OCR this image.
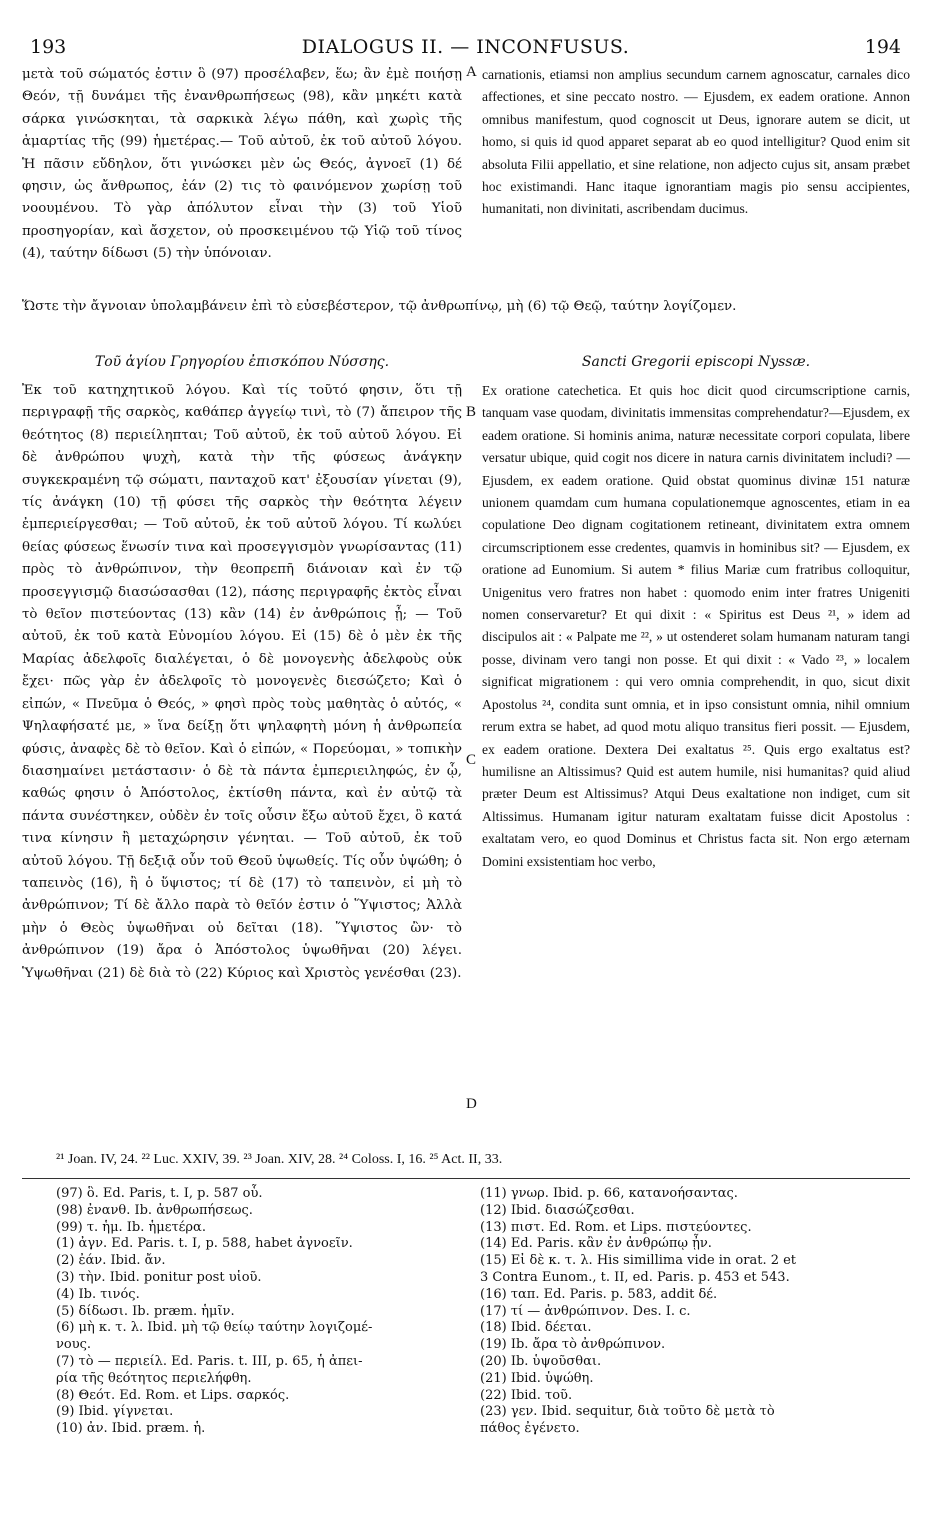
193	DIALOGUS II. — INCONFUSUS.	194

μετὰ τοῦ σώματός ἐστιν ὃ (97) προσέλαβεν, ἕω; ἂν ἐμὲ ποιήσῃ Θεόν, τῇ δυνάμει τῆς ἐνανθρωπήσεως (98), κἂν μηκέτι κατὰ σάρκα γινώσκηται, τὰ σαρκικὰ λέγω πάθη, καὶ χωρὶς τῆς ἁμαρτίας τῆς (99) ἡμετέρας.— Τοῦ αὐτοῦ, ἐκ τοῦ αὐτοῦ λόγου. Ἡ πᾶσιν εὔδηλον, ὅτι γινώσκει μὲν ὡς Θεός, ἀγνοεῖ (1) δέ φησιν, ὡς ἄνθρωπος, ἐάν (2) τις τὸ φαινόμενον χωρίσῃ τοῦ νοουμένου. Τὸ γὰρ ἀπόλυτον εἶναι τὴν (3) τοῦ Υἱοῦ προσηγορίαν, καὶ ἄσχετον, οὐ προσκειμένου τῷ Υἱῷ τοῦ τίνος (4), ταύτην δίδωσι (5) τὴν ὑπόνοιαν.

carnationis, etiamsi non amplius secundum carnem agnoscatur, carnales dico affectiones, et sine peccato nostro. — Ejusdem, ex eadem oratione. Annon omnibus manifestum, quod cognoscit ut Deus, ignorare autem se dicit, ut homo, si quis id quod apparet separat ab eo quod intelligitur? Quod enim sit absoluta Filii appellatio, et sine relatione, non adjecto cujus sit, ansam præbet hoc existimandi. Hanc itaque ignorantiam magis pio sensu accipientes, humanitati, non divinitati, ascribendam ducimus.

Ὥστε τὴν ἄγνοιαν ὑπολαμβάνειν ἐπὶ τὸ εὐσεβέστερον, τῷ ἀνθρωπίνῳ, μὴ (6) τῷ Θεῷ, ταύτην λογίζομεν.

Τοῦ ἁγίου Γρηγορίου ἐπισκόπου Νύσσης.	Sancti Gregorii episcopi Nyssæ.

Ἐκ τοῦ κατηχητικοῦ λόγου. Καὶ τίς τοῦτό φησιν, ὅτι τῇ περιγραφῇ τῆς σαρκὸς, καθάπερ ἀγγείῳ τινὶ, τὸ (7) ἄπειρον τῆς θεότητος (8) περιείληπται; Τοῦ αὐτοῦ, ἐκ τοῦ αὐτοῦ λόγου. Εἰ δὲ ἀνθρώπου ψυχὴ, κατὰ τὴν τῆς φύσεως ἀνάγκην συγκεκραμένη τῷ σώματι, πανταχοῦ κατ' ἐξουσίαν γίνεται (9), τίς ἀνάγκη (10) τῇ φύσει τῆς σαρκὸς τὴν θεότητα λέγειν ἐμπεριείργεσθαι; — Τοῦ αὐτοῦ, ἐκ τοῦ αὐτοῦ λόγου. Τί κωλύει θείας φύσεως ἕνωσίν τινα καὶ προσεγγισμὸν γνωρίσαντας (11) πρὸς τὸ ἀνθρώπινον, τὴν θεοπρεπῆ διάνοιαν καὶ ἐν τῷ προσεγγισμῷ διασώσασθαι (12), πάσης περιγραφῆς ἐκτὸς εἶναι τὸ θεῖον πιστεύοντας (13) κἂν (14) ἐν ἀνθρώποις ᾖ; — Τοῦ αὐτοῦ, ἐκ τοῦ κατὰ Εὐνομίου λόγου. Εἰ (15) δὲ ὁ μὲν ἐκ τῆς Μαρίας ἀδελφοῖς διαλέγεται, ὁ δὲ μονογενὴς ἀδελφοὺς οὐκ ἔχει· πῶς γὰρ ἐν ἀδελφοῖς τὸ μονογενὲς διεσώζετο; Καὶ ὁ εἰπών, « Πνεῦμα ὁ Θεός, » φησὶ πρὸς τοὺς μαθητὰς ὁ αὐτός, « Ψηλαφήσατέ με, » ἵνα δείξῃ ὅτι ψηλαφητὴ μόνη ἡ ἀνθρωπεία φύσις, ἀναφὲς δὲ τὸ θεῖον. Καὶ ὁ εἰπών, « Πορεύομαι, » τοπικὴν διασημαίνει μετάστασιν· ὁ δὲ τὰ πάντα ἐμπεριειληφώς, ἐν ᾧ, καθώς φησιν ὁ Ἀπόστολος, ἐκτίσθη πάντα, καὶ ἐν αὐτῷ τὰ πάντα συνέστηκεν, οὐδὲν ἐν τοῖς οὖσιν ἔξω αὐτοῦ ἔχει, ὃ κατά τινα κίνησιν ἢ μεταχώρησιν γένηται. — Τοῦ αὐτοῦ, ἐκ τοῦ αὐτοῦ λόγου. Τῇ δεξιᾷ οὖν τοῦ Θεοῦ ὑψωθείς. Τίς οὖν ὑψώθη; ὁ ταπεινὸς (16), ἢ ὁ ὕψιστος; τί δὲ (17) τὸ ταπεινὸν, εἰ μὴ τὸ ἀνθρώπινον; Τί δὲ ἄλλο παρὰ τὸ θεῖόν ἐστιν ὁ Ὕψιστος; Ἀλλὰ μὴν ὁ Θεὸς ὑψωθῆναι οὐ δεῖται (18). Ὕψιστος ὢν· τὸ ἀνθρώπινον (19) ἄρα ὁ Ἀπόστολος ὑψωθῆναι (20) λέγει. Ὑψωθῆναι (21) δὲ διὰ τὸ (22) Κύριος καὶ Χριστὸς γενέσθαι (23).

Ex oratione catechetica. Et quis hoc dicit quod circumscriptione carnis, tanquam vase quodam, divinitatis immensitas comprehendatur?—Ejusdem, ex eadem oratione. Si hominis anima, naturæ necessitate corpori copulata, libere versatur ubique, quid cogit nos dicere in natura carnis divinitatem includi? — Ejusdem, ex eadem oratione. Quid obstat quominus divinæ 151 naturæ unionem quamdam cum humana copulationemque agnoscentes, etiam in ea copulatione Deo dignam cogitationem retineant, divinitatem extra omnem circumscriptionem esse credentes, quamvis in hominibus sit? — Ejusdem, ex oratione ad Eunomium. Si autem * filius Mariæ cum fratribus colloquitur, Unigenitus vero fratres non habet : quomodo enim inter fratres Unigeniti nomen conservaretur? Et qui dixit : « Spiritus est Deus ²¹, » idem ad discipulos ait : « Palpate me ²², » ut ostenderet solam humanam naturam tangi posse, divinam vero tangi non posse. Et qui dixit : « Vado ²³, » localem significat migrationem : qui vero omnia comprehendit, in quo, sicut dixit Apostolus ²⁴, condita sunt omnia, et in ipso consistunt omnia, nihil omnium rerum extra se habet, ad quod motu aliquo transitus fieri possit. — Ejusdem, ex eadem oratione. Dextera Dei exaltatus ²⁵. Quis ergo exaltatus est? humilisne an Altissimus? Quid est autem humile, nisi humanitas? quid aliud præter Deum est Altissimus? Atqui Deus exaltatione non indiget, cum sit Altissimus. Humanam igitur naturam exaltatam fuisse dicit Apostolus : exaltatam vero, eo quod Dominus et Christus facta sit. Non ergo æternam Domini exsistentiam hoc verbo,

A
B
C
D
²¹ Joan. IV, 24. ²² Luc. XXIV, 39. ²³ Joan. XIV, 28. ²⁴ Coloss. I, 16. ²⁵ Act. II, 33.
(97) ὃ. Ed. Paris, t. I, p. 587 οὗ.
(98) ἐνανθ. Ib. ἀνθρωπήσεως.
(99) τ. ἡμ. Ib. ἡμετέρα.
(1) ἀγν. Ed. Paris. t. I, p. 588, habet ἀγνοεῖν.
(2) ἐάν. Ibid. ἄν.
(3) τὴν. Ibid. ponitur post υἱοῦ.
(4) Ib. τινός.
(5) δίδωσι. Ib. præm. ἡμῖν.
(6) μὴ κ. τ. λ. Ibid. μὴ τῷ θείῳ ταύτην λογιζομέ-
νους.
(7) τὸ — περιείλ. Ed. Paris. t. III, p. 65, ἡ ἀπει-
ρία τῆς θεότητος περιελήφθη.
(8) Θεότ. Ed. Rom. et Lips. σαρκός.
(9) Ibid. γίγνεται.
(10) ἀν. Ibid. præm. ἡ.
(11) γνωρ. Ibid. p. 66, κατανοήσαντας.
(12) Ibid. διασώζεσθαι.
(13) πιστ. Ed. Rom. et Lips. πιστεύοντες.
(14) Ed. Paris. κἂν ἐν ἀνθρώπῳ ᾖν.
(15) Εἰ δὲ κ. τ. λ. His simillima vide in orat. 2 et
3 Contra Eunom., t. II, ed. Paris. p. 453 et 543.
(16) ταπ. Ed. Paris. p. 583, addit δέ.
(17) τί — ἀνθρώπινον. Des. I. c.
(18) Ibid. δέεται.
(19) Ib. ἄρα τὸ ἀνθρώπινον.
(20) Ib. ὑψοῦσθαι.
(21) Ibid. ὑψώθη.
(22) Ibid. τοῦ.
(23) γεν. Ibid. sequitur, διὰ τοῦτο δὲ μετὰ τὸ
πάθος ἐγένετο.
